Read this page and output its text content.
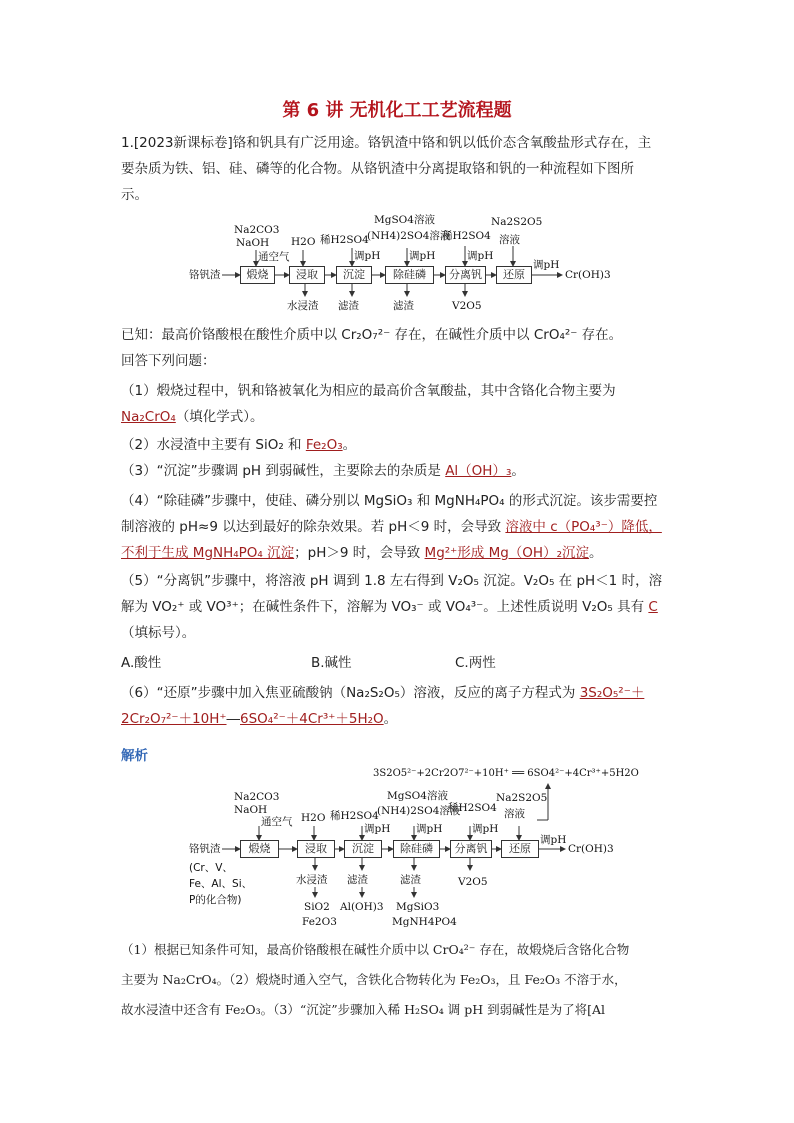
第 6 讲 无机化工工艺流程题
1.[2023新课标卷]铬和钒具有广泛用途。铬钒渣中铬和钒以低价态含氧酸盐形式存在，主
要杂质为铁、铝、硅、磷等的化合物。从铬钒渣中分离提取铬和钒的一种流程如下图所
示。
铬钒渣	煅烧	浸取	沉淀	除硅磷	分离钒	还原	Cr(OH)3
Na2CO3
NaOH
通空气
H2O 稀H2SO4
调pH
MgSO4溶液
(NH4)2SO4溶液
调pH
稀H2SO4
调pH
Na2S2O5
溶液
调pH
水浸渣 滤渣	滤渣	V2O5
已知：最高价铬酸根在酸性介质中以 Cr₂O₇²⁻ 存在，在碱性介质中以 CrO₄²⁻ 存在。
回答下列问题：
（1）煅烧过程中，钒和铬被氧化为相应的最高价含氧酸盐，其中含铬化合物主要为
Na₂CrO₄（填化学式）。
（2）水浸渣中主要有 SiO₂ 和 Fe₂O₃。
（3）“沉淀”步骤调 pH 到弱碱性，主要除去的杂质是 Al（OH）₃。
（4）“除硅磷”步骤中，使硅、磷分别以 MgSiO₃ 和 MgNH₄PO₄ 的形式沉淀。该步需要控
制溶液的 pH≈9 以达到最好的除杂效果。若 pH＜9 时，会导致 溶液中 c（PO₄³⁻）降低，
不利于生成 MgNH₄PO₄ 沉淀；pH＞9 时，会导致 Mg²⁺形成 Mg（OH）₂沉淀。
（5）“分离钒”步骤中，将溶液 pH 调到 1.8 左右得到 V₂O₅ 沉淀。V₂O₅ 在 pH＜1 时，溶
解为 VO₂⁺ 或 VO³⁺；在碱性条件下，溶解为 VO₃⁻ 或 VO₄³⁻。上述性质说明 V₂O₅ 具有 C
（填标号）。
A.酸性	B.碱性	C.两性
（6）“还原”步骤中加入焦亚硫酸钠（Na₂S₂O₅）溶液，反应的离子方程式为 3S₂O₅²⁻＋
2Cr₂O₇²⁻＋10H⁺―6SO₄²⁻＋4Cr³⁺＋5H₂O。
解析
3S2O5²⁻+2Cr2O7²⁻+10H⁺ ══ 6SO4²⁻+4Cr³⁺+5H2O
铬钒渣
(Cr、V、
Fe、Al、Si、
P的化合物)
煅烧	浸取	沉淀	除硅磷	分离钒	还原	Cr(OH)3
Na2CO3
NaOH
通空气 H2O 稀H2SO4
调pH
MgSO4溶液
(NH4)2SO4溶液
调pH
稀H2SO4
调pH
Na2S2O5
溶液
调pH
水浸渣 滤渣	滤渣	V2O5
SiO2
Fe2O3
Al(OH)3 MgSiO3
MgNH4PO4
（1）根据已知条件可知，最高价铬酸根在碱性介质中以 CrO₄²⁻ 存在，故煅烧后含铬化合物
主要为 Na₂CrO₄。（2）煅烧时通入空气，含铁化合物转化为 Fe₂O₃，且 Fe₂O₃ 不溶于水，
故水浸渣中还含有 Fe₂O₃。（3）“沉淀”步骤加入稀 H₂SO₄ 调 pH 到弱碱性是为了将[Al
